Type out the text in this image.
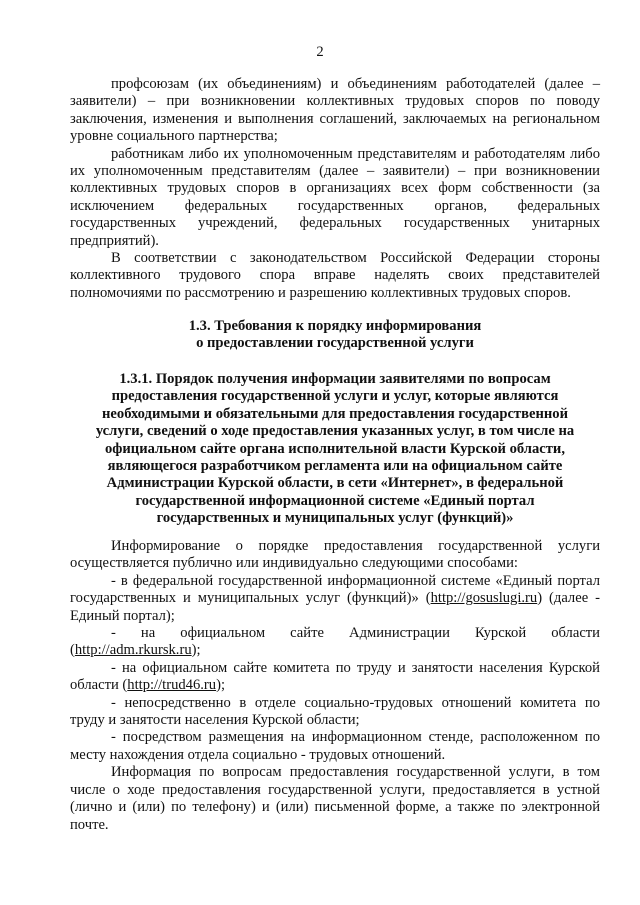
2

профсоюзам (их объединениям) и объединениям работодателей (далее – заявители) – при возникновении коллективных трудовых споров по поводу заключения, изменения и выполнения соглашений, заключаемых на региональном уровне социального партнерства;

работникам либо их уполномоченным представителям и работодателям либо их уполномоченным представителям (далее – заявители) – при возникновении коллективных трудовых споров в организациях всех форм собственности (за исключением федеральных государственных органов, федеральных государственных учреждений, федеральных государственных унитарных предприятий).

В соответствии с законодательством Российской Федерации стороны коллективного трудового спора вправе наделять своих представителей полномочиями по рассмотрению и разрешению коллективных трудовых споров.

1.3. Требования к порядку информирования

о предоставлении государственной услуги

1.3.1. Порядок получения информации заявителями по вопросам

предоставления государственной услуги и услуг, которые являются

необходимыми и обязательными для предоставления государственной

услуги, сведений о ходе предоставления указанных услуг, в том числе на

официальном сайте органа исполнительной власти Курской области,

являющегося разработчиком регламента или на официальном сайте

Администрации Курской области, в сети «Интернет», в федеральной

государственной информационной системе «Единый портал

государственных и муниципальных услуг (функций)»

Информирование о порядке предоставления государственной услуги осуществляется публично или индивидуально следующими способами:

- в федеральной государственной информационной системе «Единый портал государственных и муниципальных услуг (функций)» (http://gosuslugi.ru) (далее - Единый портал);

- на официальном сайте Администрации Курской области (http://adm.rkursk.ru);

- на официальном сайте комитета по труду и занятости населения Курской области (http://trud46.ru);

- непосредственно в отделе социально-трудовых отношений комитета по труду и занятости населения Курской области;

- посредством размещения на информационном стенде, расположенном по месту нахождения отдела социально - трудовых отношений.

Информация по вопросам предоставления государственной услуги, в том числе о ходе предоставления государственной услуги, предоставляется в устной (лично и (или) по телефону) и (или) письменной форме, а также по электронной почте.
